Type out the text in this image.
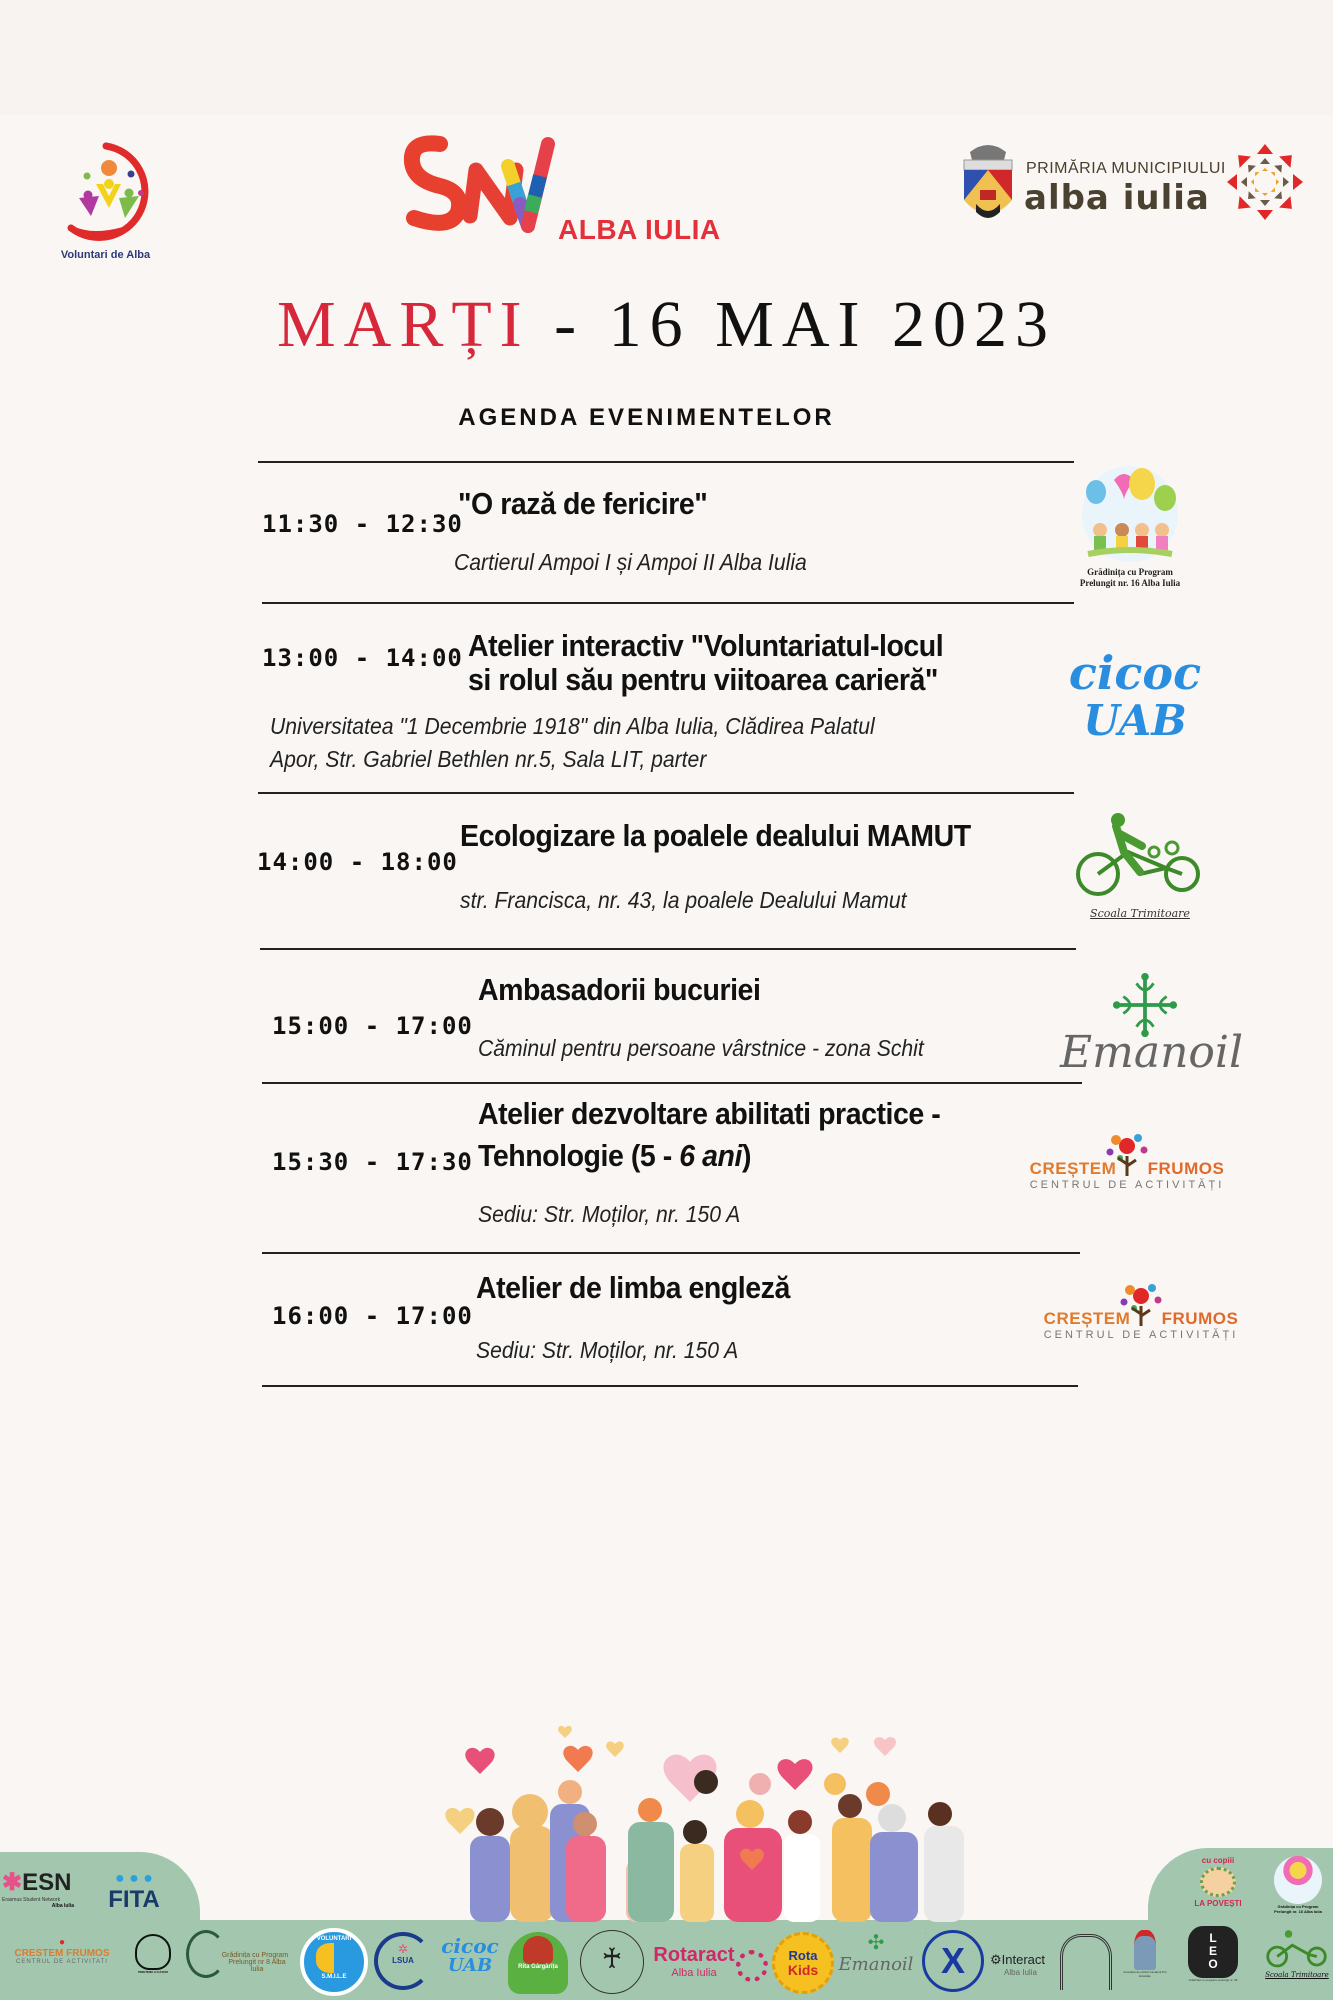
Voluntari de Alba
ALBA IULIA
PRIMĂRIA MUNICIPIULUI
alba iulia
MARȚI - 16 MAI 2023
AGENDA EVENIMENTELOR
11:30 - 12:30
"O rază de fericire"
Cartierul Ampoi I și Ampoi II Alba Iulia	Grădinița cu Program
Prelungit nr. 16 Alba Iulia
13:00 - 14:00 Atelier interactiv "Voluntariatul-locul
si rolul său pentru viitoarea carieră"
Universitatea "1 Decembrie 1918" din Alba Iulia, Clădirea Palatul
Apor, Str. Gabriel Bethlen nr.5, Sala LIT, parter
cicoc
UAB
14:00 - 18:00
Ecologizare la poalele dealului MAMUT
str. Francisca, nr. 43, la poalele Dealului Mamut
Scoala Trimitoare
15:00 - 17:00
Ambasadorii bucuriei
Căminul pentru persoane vârstnice - zona Schit	Emanoil
15:30 - 17:30
Atelier dezvoltare abilitati practice -
Tehnologie (5 - 6 ani)
Sediu: Str. Moților, nr. 150 A
CREȘTEM FRUMOS
CENTRUL DE ACTIVITĂȚI
16:00 - 17:00
Atelier de limba engleză
Sediu: Str. Moților, nr. 150 A
CREȘTEM FRUMOS
CENTRUL DE ACTIVITĂȚI
✱ESN
Erasmus Student Network
Alba Iulia
● ● ●
FITA
cu copiii
LA POVEȘTI	Grădinița cu Program
Prelungit nr. 16 Alba Iulia
●
CRESTEM FRUMOS
CENTRUL DE ACTIVITATI
PRIETENII LUI AZOR
Grădinița cu Program
Prelungit nr 8 Alba Iulia
VOLUNTARI
S.M.I.L.E
✲
LSUA
cicoc
UAB	Rita Gărgărița	♰	Rotaract
Alba Iulia
Rota
Kids
✣
Emanoil X	⚙Interact
Alba Iulia	Asociația de părinți Cavalerii Pro Educație
LEO
Grădinița cu program prelungit nr. 36
Scoala Trimitoare
